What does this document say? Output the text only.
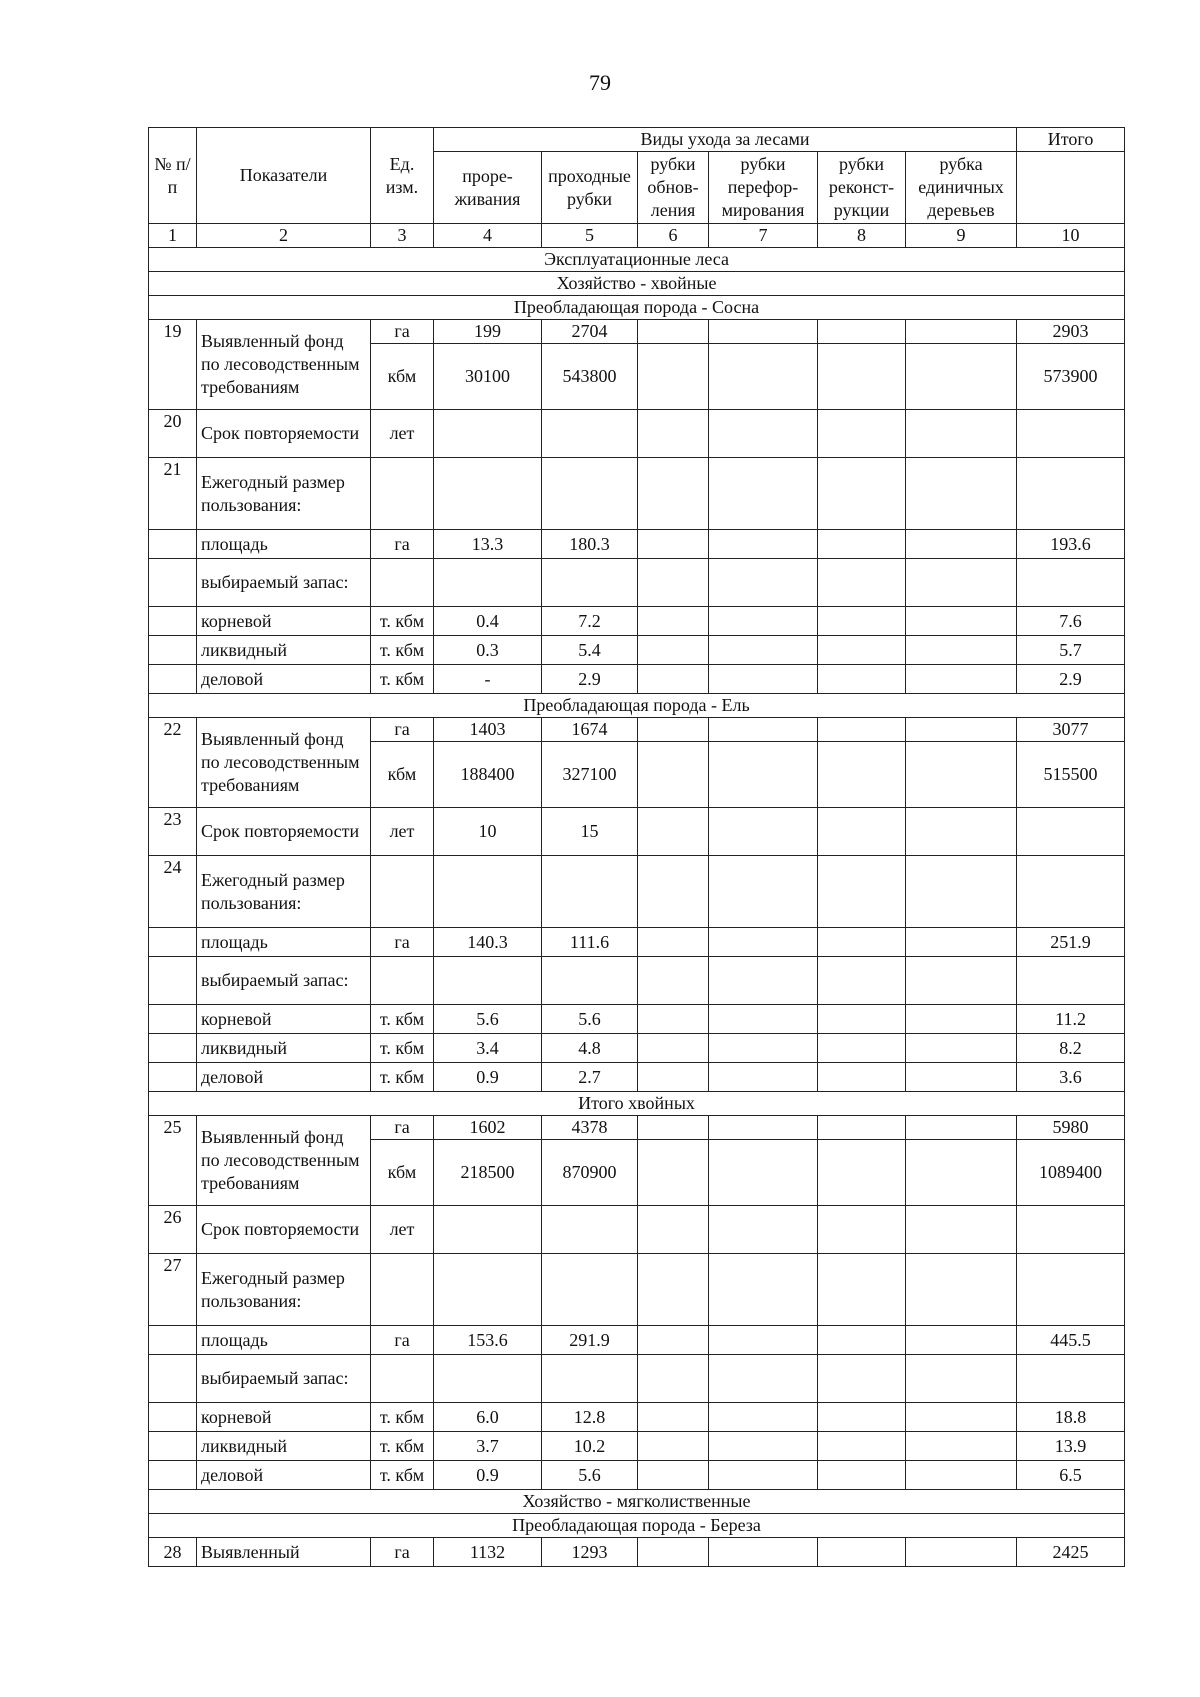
79
№ п/п	Показатели	Ед. изм.	Виды ухода за лесами						Итого
			проре-живания	проходные рубки	рубки обнов-ления	рубки перефор-мирования	рубки реконст-рукции	рубка единичных деревьев	
1	2	3	4	5	6	7	8	9	10
Эксплуатационные леса									
Хозяйство - хвойные									
Преобладающая порода - Сосна									
19	Выявленный фонд по лесоводственным требованиям	га	199	2704					2903
		кбм	30100	543800					573900
20	Срок повторяемости	лет							
21	Ежегодный размер пользования:								
	площадь	га	13.3	180.3					193.6
	выбираемый запас:								
	корневой	т. кбм	0.4	7.2					7.6
	ликвидный	т. кбм	0.3	5.4					5.7
	деловой	т. кбм	-	2.9					2.9
Преобладающая порода - Ель									
22	Выявленный фонд по лесоводственным требованиям	га	1403	1674					3077
		кбм	188400	327100					515500
23	Срок повторяемости	лет	10	15					
24	Ежегодный размер пользования:								
	площадь	га	140.3	111.6					251.9
	выбираемый запас:								
	корневой	т. кбм	5.6	5.6					11.2
	ликвидный	т. кбм	3.4	4.8					8.2
	деловой	т. кбм	0.9	2.7					3.6
Итого хвойных									
25	Выявленный фонд по лесоводственным требованиям	га	1602	4378					5980
		кбм	218500	870900					1089400
26	Срок повторяемости	лет							
27	Ежегодный размер пользования:								
	площадь	га	153.6	291.9					445.5
	выбираемый запас:								
	корневой	т. кбм	6.0	12.8					18.8
	ликвидный	т. кбм	3.7	10.2					13.9
	деловой	т. кбм	0.9	5.6					6.5
Хозяйство - мягколиственные									
Преобладающая порода - Береза									
28	Выявленный	га	1132	1293					2425
